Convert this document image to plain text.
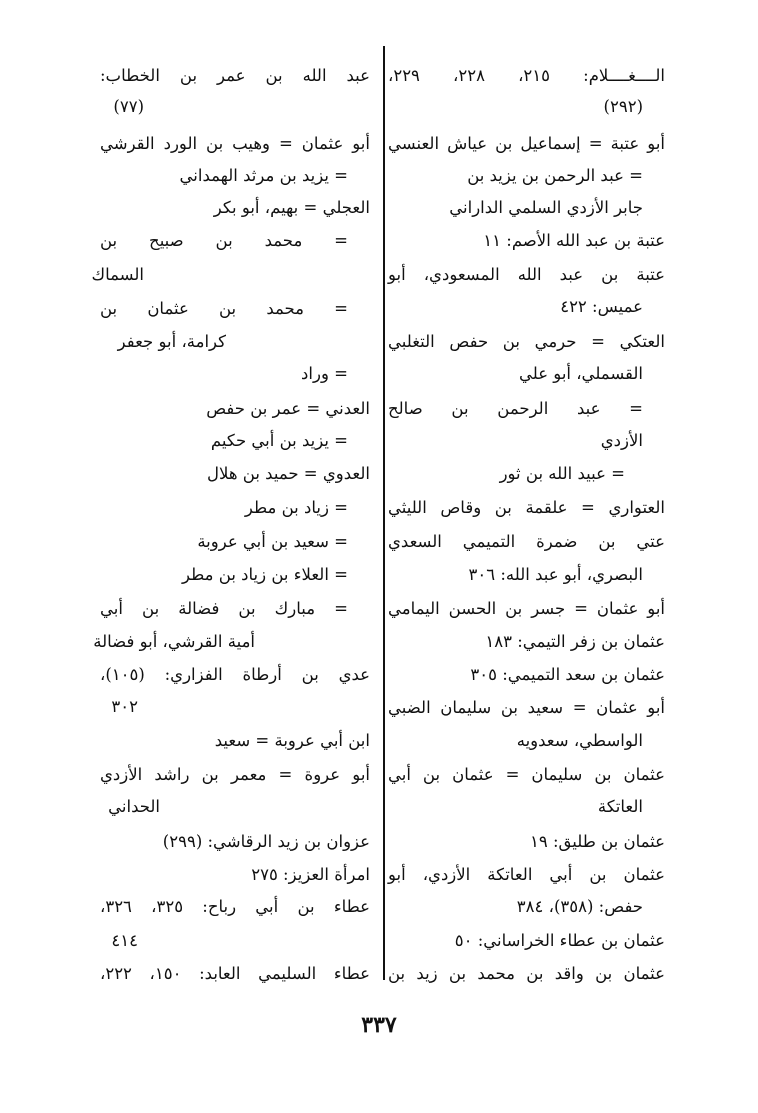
الــــغــــلام: ٢١٥، ٢٢٨، ٢٢٩،
(٢٩٢)
أبو عتبة = إسماعيل بن عياش العنسي
= عبد الرحمن بن يزيد بن
جابر الأزدي السلمي الداراني
عتبة بن عبد الله الأصم: ١١
عتبة بن عبد الله المسعودي، أبو
عميس: ٤٢٢
العتكي = حرمي بن حفص التغلبي
القسملي، أبو علي
= عبد الرحمن بن صالح
الأزدي
= عبيد الله بن ثور
العتواري = علقمة بن وقاص الليثي
عتي بن ضمرة التميمي السعدي
البصري، أبو عبد الله: ٣٠٦
أبو عثمان = جسر بن الحسن اليمامي
عثمان بن زفر التيمي: ١٨٣
عثمان بن سعد التميمي: ٣٠٥
أبو عثمان = سعيد بن سليمان الضبي
الواسطي، سعدويه
عثمان بن سليمان = عثمان بن أبي
العاتكة
عثمان بن طليق: ١٩
عثمان بن أبي العاتكة الأزدي، أبو
حفص: (٣٥٨)، ٣٨٤
عثمان بن عطاء الخراساني: ٥٠
عثمان بن واقد بن محمد بن زيد بن
عبد الله بن عمر بن الخطاب:
(٧٧)
أبو عثمان = وهيب بن الورد القرشي
= يزيد بن مرثد الهمداني
العجلي = بهيم، أبو بكر
= محمد بن صبيح بن
السماك
= محمد بن عثمان بن
كرامة، أبو جعفر
= وراد
العدني = عمر بن حفص
= يزيد بن أبي حكيم
العدوي = حميد بن هلال
= زياد بن مطر
= سعيد بن أبي عروبة
= العلاء بن زياد بن مطر
= مبارك بن فضالة بن أبي
أمية القرشي، أبو فضالة
عدي بن أرطاة الفزاري: (١٠٥)،
٣٠٢
ابن أبي عروبة = سعيد
أبو عروة = معمر بن راشد الأزدي
الحداني
عزوان بن زيد الرقاشي: (٢٩٩)
امرأة العزيز: ٢٧٥
عطاء بن أبي رباح: ٣٢٥، ٣٢٦،
٤١٤
عطاء السليمي العابد: ١٥٠، ٢٢٢،
٣٣٧
